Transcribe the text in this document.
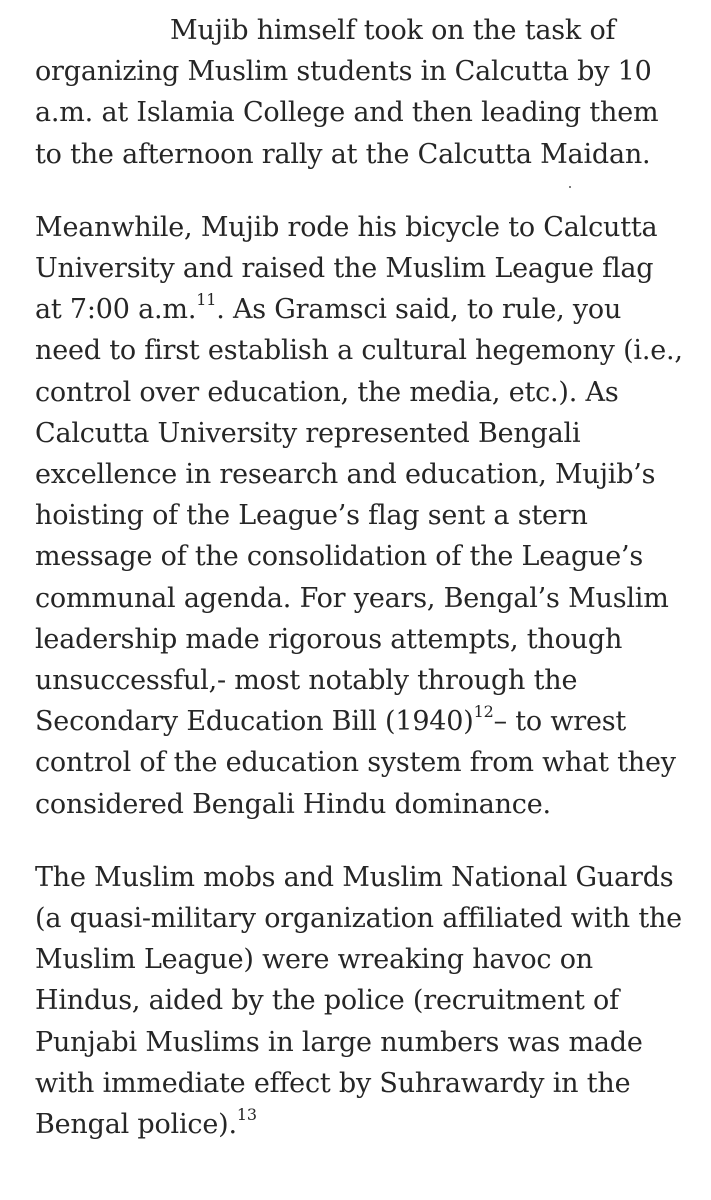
Mujib himself took on the task of organizing Muslim students in Calcutta by 10 a.m. at Islamia College and then leading them to the afternoon rally at the Calcutta Maidan.

Meanwhile, Mujib rode his bicycle to Calcutta University and raised the Muslim League flag at 7:00 a.m.$^{11}$. As Gramsci said, to rule, you need to first establish a cultural hegemony (i.e., control over education, the media, etc.). As Calcutta University represented Bengali excellence in research and education, Mujib’s hoisting of the League’s flag sent a stern message of the consolidation of the League’s communal agenda. For years, Bengal’s Muslim leadership made rigorous attempts, though unsuccessful,- most notably through the Secondary Education Bill $(1940)^{12}-$ to wrest control of the education system from what they considered Bengali Hindu dominance.

The Muslim mobs and Muslim National Guards (a quasi-military organization affiliated with the Muslim League) were wreaking havoc on Hindus, aided by the police (recruitment of Punjabi Muslims in large numbers was made with immediate effect by Suhrawardy in the Bengal police).$^{13}$
